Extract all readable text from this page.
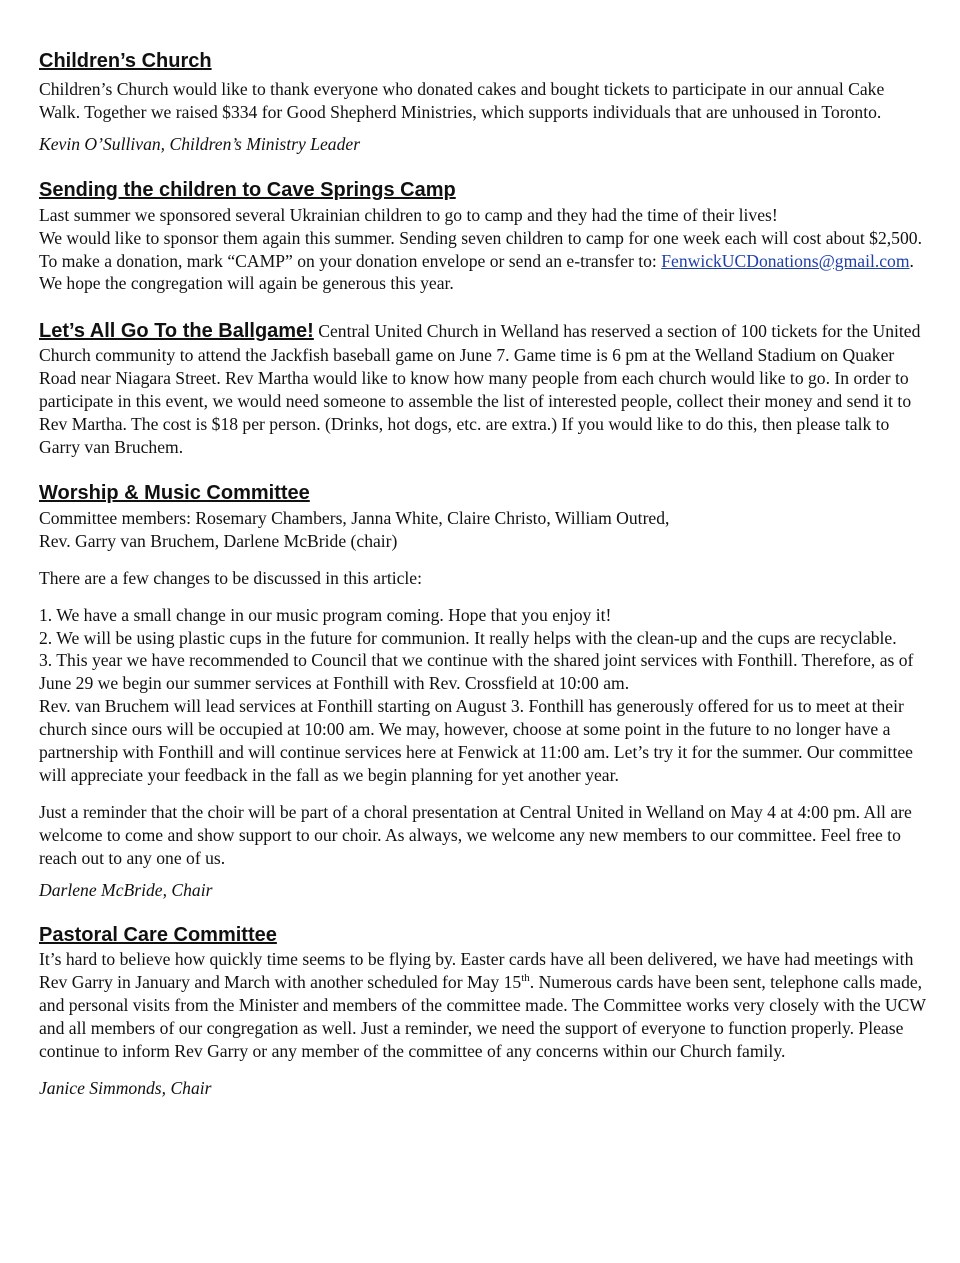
Children’s Church

Children’s Church would like to thank everyone who donated cakes and bought tickets to participate in our annual Cake Walk. Together we raised $334 for Good Shepherd Ministries, which supports individuals that are unhoused in Toronto.

Kevin O’Sullivan, Children’s Ministry Leader

Sending the children to Cave Springs Camp

Last summer we sponsored several Ukrainian children to go to camp and they had the time of their lives!

We would like to sponsor them again this summer. Sending seven children to camp for one week each will cost about $2,500. To make a donation, mark “CAMP” on your donation envelope or send an e-transfer to: FenwickUCDonations@gmail.com. We hope the congregation will again be generous this year.

Let’s All Go To the Ballgame! Central United Church in Welland has reserved a section of 100 tickets for the United Church community to attend the Jackfish baseball game on June 7. Game time is 6 pm at the Welland Stadium on Quaker Road near Niagara Street. Rev Martha would like to know how many people from each church would like to go. In order to participate in this event, we would need someone to assemble the list of interested people, collect their money and send it to Rev Martha. The cost is $18 per person. (Drinks, hot dogs, etc. are extra.) If you would like to do this, then please talk to Garry van Bruchem.

Worship & Music Committee

Committee members: Rosemary Chambers, Janna White, Claire Christo, William Outred,

Rev. Garry van Bruchem, Darlene McBride (chair)

There are a few changes to be discussed in this article:

1. We have a small change in our music program coming. Hope that you enjoy it!

2. We will be using plastic cups in the future for communion. It really helps with the clean-up and the cups are recyclable.

3. This year we have recommended to Council that we continue with the shared joint services with Fonthill. Therefore, as of June 29 we begin our summer services at Fonthill with Rev. Crossfield at 10:00 am.

Rev. van Bruchem will lead services at Fonthill starting on August 3. Fonthill has generously offered for us to meet at their church since ours will be occupied at 10:00 am. We may, however, choose at some point in the future to no longer have a partnership with Fonthill and will continue services here at Fenwick at 11:00 am. Let’s try it for the summer. Our committee will appreciate your feedback in the fall as we begin planning for yet another year.

Just a reminder that the choir will be part of a choral presentation at Central United in Welland on May 4 at 4:00 pm. All are welcome to come and show support to our choir. As always, we welcome any new members to our committee. Feel free to reach out to any one of us.

Darlene McBride, Chair

Pastoral Care Committee

It’s hard to believe how quickly time seems to be flying by. Easter cards have all been delivered, we have had meetings with Rev Garry in January and March with another scheduled for May 15th. Numerous cards have been sent, telephone calls made, and personal visits from the Minister and members of the committee made. The Committee works very closely with the UCW and all members of our congregation as well. Just a reminder, we need the support of everyone to function properly. Please continue to inform Rev Garry or any member of the committee of any concerns within our Church family.

Janice Simmonds, Chair
